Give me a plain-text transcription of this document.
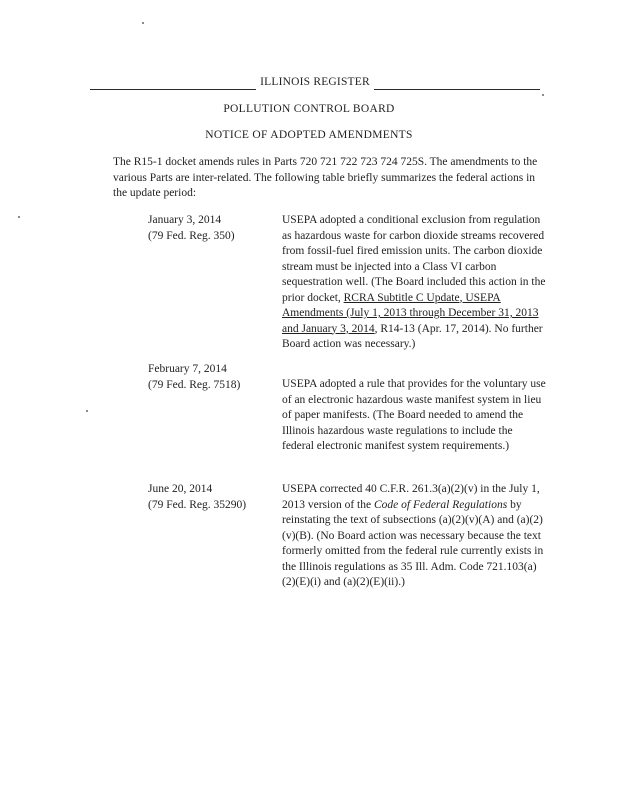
ILLINOIS REGISTER
POLLUTION CONTROL BOARD
NOTICE OF ADOPTED AMENDMENTS
The R15-1 docket amends rules in Parts 720 721 722 723 724 725S. The amendments to the various Parts are inter-related. The following table briefly summarizes the federal actions in the update period:
January 3, 2014
(79 Fed. Reg. 350)
USEPA adopted a conditional exclusion from regulation as hazardous waste for carbon dioxide streams recovered from fossil-fuel fired emission units. The carbon dioxide stream must be injected into a Class VI carbon sequestration well. (The Board included this action in the prior docket, RCRA Subtitle C Update, USEPA Amendments (July 1, 2013 through December 31, 2013 and January 3, 2014, R14-13 (Apr. 17, 2014). No further Board action was necessary.)
February 7, 2014
(79 Fed. Reg. 7518)	USEPA adopted a rule that provides for the voluntary use of an electronic hazardous waste manifest system in lieu of paper manifests. (The Board needed to amend the Illinois hazardous waste regulations to include the federal electronic manifest system requirements.)
June 20, 2014
(79 Fed. Reg. 35290)
USEPA corrected 40 C.F.R. 261.3(a)(2)(v) in the July 1, 2013 version of the Code of Federal Regulations by reinstating the text of subsections (a)(2)(v)(A) and (a)(2)(v)(B). (No Board action was necessary because the text formerly omitted from the federal rule currently exists in the Illinois regulations as 35 Ill. Adm. Code 721.103(a)(2)(E)(i) and (a)(2)(E)(ii).)
